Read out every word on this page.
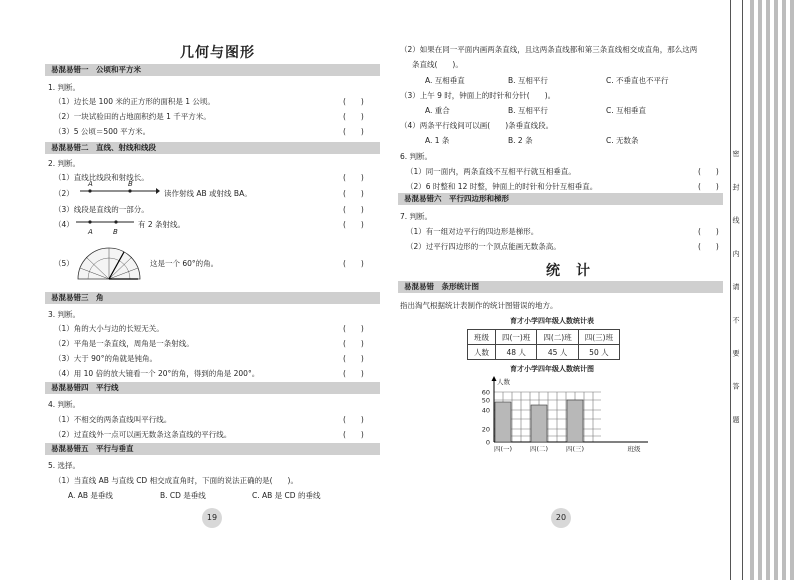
几何与图形
易混易错一　公顷和平方米
1. 判断。
（1）边长是 100 米的正方形的面积是 1 公顷。	(　　)
（2）一块试验田的占地面积约是 1 千平方米。	(　　)
（3）5 公顷＝500 平方米。	(　　)
易混易错二　直线、射线和线段
2. 判断。
（1）直线比线段和射线长。	(　　)
（2）
A	B
读作射线 AB 或射线 BA。	(　　)
（3）线段是直线的一部分。	(　　)
（4）
A	B
有 2 条射线。	(　　)
（5）	这是一个 60°的角。	(　　)
易混易错三　角
3. 判断。
（1）角的大小与边的长短无关。	(　　)
（2）平角是一条直线，周角是一条射线。	(　　)
（3）大于 90°的角就是钝角。	(　　)
（4）用 10 倍的放大镜看一个 20°的角，得到的角是 200°。	(　　)
易混易错四　平行线
4. 判断。
（1）不相交的两条直线叫平行线。	(　　)
（2）过直线外一点可以画无数条这条直线的平行线。	(　　)
易混易错五　平行与垂直
5. 选择。
（1）当直线 AB 与直线 CD 相交成直角时，下面的说法正确的是(　　)。
A. AB 是垂线	B. CD 是垂线	C. AB 是 CD 的垂线
19
（2）如果在同一平面内画两条直线，且这两条直线都和第三条直线相交成直角，那么这两
条直线(　　)。
A. 互相垂直	B. 互相平行	C. 不垂直也不平行
（3）上午 9 时，钟面上的时针和分针(　　)。
A. 重合	B. 互相平行	C. 互相垂直
（4）两条平行线间可以画(　　)条垂直线段。
A. 1 条	B. 2 条	C. 无数条
6. 判断。
（1）同一面内，两条直线不互相平行就互相垂直。	(　　)
（2）6 时整和 12 时整，钟面上的时针和分针互相垂直。	(　　)
易混易错六　平行四边形和梯形
7. 判断。
（1）有一组对边平行的四边形是梯形。	(　　)
（2）过平行四边形的一个顶点能画无数条高。	(　　)
统　计
易混易错　条形统计图
指出淘气根据统计表制作的统计图错误的地方。
育才小学四年级人数统计表
班级	四(一)班	四(二)班	四(三)班
人数	48 人	45 人	50 人
育才小学四年级人数统计图
人数
0
20
40
50
60
四(一)	四(二)	四(三)	班级
20
密 封 线 内 请 不 要 答 题
